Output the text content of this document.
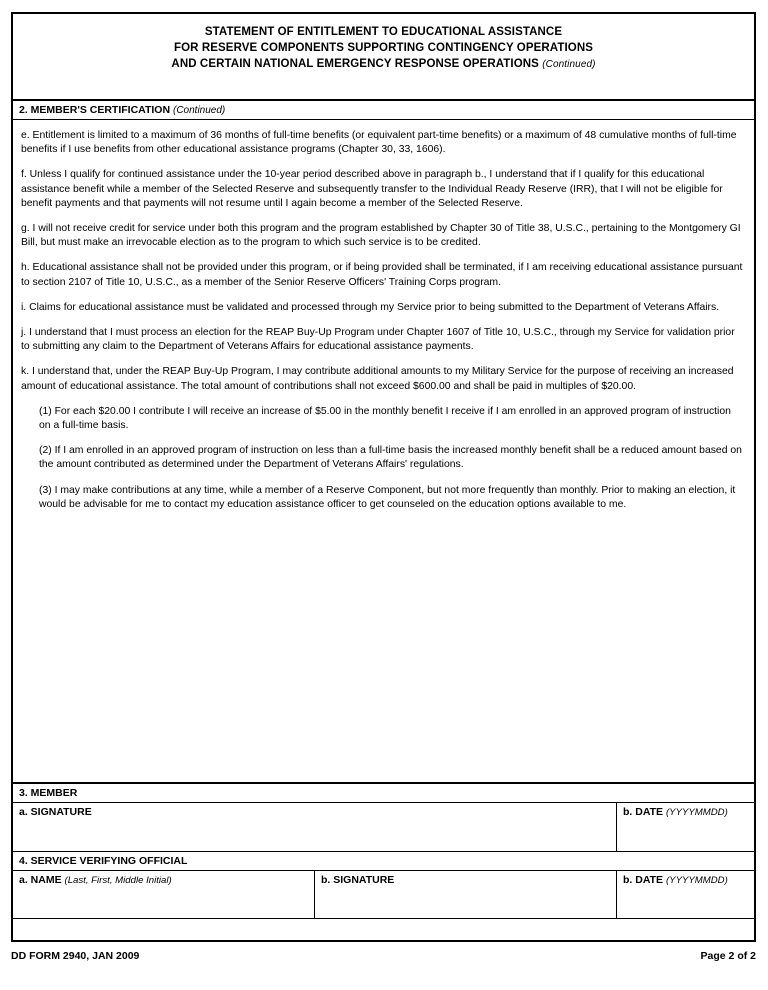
STATEMENT OF ENTITLEMENT TO EDUCATIONAL ASSISTANCE
FOR RESERVE COMPONENTS SUPPORTING CONTINGENCY OPERATIONS
AND CERTAIN NATIONAL EMERGENCY RESPONSE OPERATIONS (Continued)
2. MEMBER'S CERTIFICATION (Continued)

e. Entitlement is limited to a maximum of 36 months of full-time benefits (or equivalent part-time benefits) or a maximum of 48 cumulative months of full-time benefits if I use benefits from other educational assistance programs (Chapter 30, 33, 1606).

f. Unless I qualify for continued assistance under the 10-year period described above in paragraph b., I understand that if I qualify for this educational assistance benefit while a member of the Selected Reserve and subsequently transfer to the Individual Ready Reserve (IRR), that I will not be eligible for benefit payments and that payments will not resume until I again become a member of the Selected Reserve.

g. I will not receive credit for service under both this program and the program established by Chapter 30 of Title 38, U.S.C., pertaining to the Montgomery GI Bill, but must make an irrevocable election as to the program to which such service is to be credited.

h. Educational assistance shall not be provided under this program, or if being provided shall be terminated, if I am receiving educational assistance pursuant to section 2107 of Title 10, U.S.C., as a member of the Senior Reserve Officers' Training Corps program.

i. Claims for educational assistance must be validated and processed through my Service prior to being submitted to the Department of Veterans Affairs.

j. I understand that I must process an election for the REAP Buy-Up Program under Chapter 1607 of Title 10, U.S.C., through my Service for validation prior to submitting any claim to the Department of Veterans Affairs for educational assistance payments.

k. I understand that, under the REAP Buy-Up Program, I may contribute additional amounts to my Military Service for the purpose of receiving an increased amount of educational assistance. The total amount of contributions shall not exceed $600.00 and shall be paid in multiples of $20.00.

(1) For each $20.00 I contribute I will receive an increase of $5.00 in the monthly benefit I receive if I am enrolled in an approved program of instruction on a full-time basis.

(2) If I am enrolled in an approved program of instruction on less than a full-time basis the increased monthly benefit shall be a reduced amount based on the amount contributed as determined under the Department of Veterans Affairs' regulations.

(3) I may make contributions at any time, while a member of a Reserve Component, but not more frequently than monthly. Prior to making an election, it would be advisable for me to contact my education assistance officer to get counseled on the education options available to me.

3. MEMBER
a. SIGNATURE	b. DATE (YYYYMMDD)
4. SERVICE VERIFYING OFFICIAL
a. NAME (Last, First, Middle Initial)	b. SIGNATURE	b. DATE (YYYYMMDD)
DD FORM 2940, JAN 2009	Page 2 of 2
